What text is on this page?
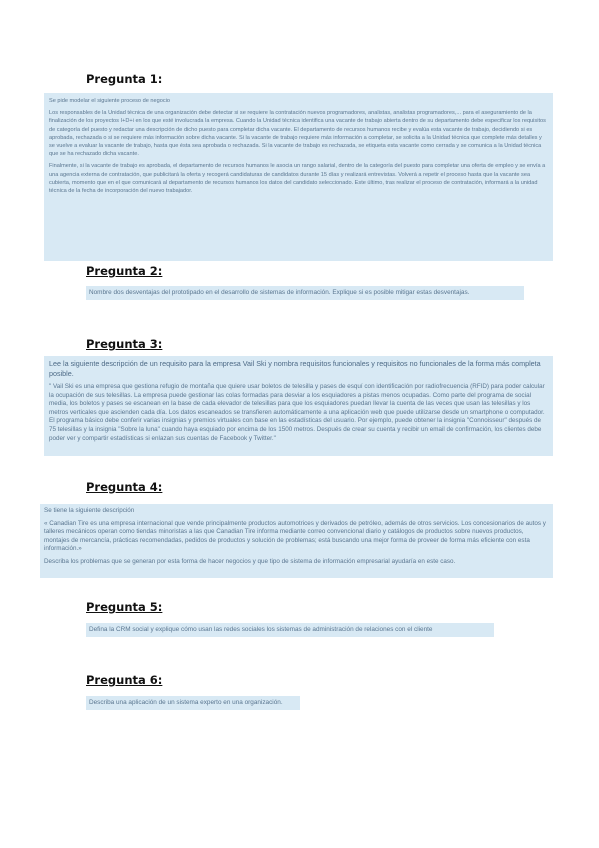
Pregunta 1:

Se pide modelar el siguiente proceso de negocio

Los responsables de la Unidad técnica de una organización debe detectar si se requiere la contratación nuevos programadores, analistas, analistas programadores,... para el aseguramiento de la finalización de los proyectos I+D+i en los que esté involucrada la empresa. Cuando la Unidad técnica identifica una vacante de trabajo abierta dentro de su departamento debe especificar los requisitos de categoría del puesto y redactar una descripción de dicho puesto para completar dicha vacante. El departamento de recursos humanos recibe y evalúa esta vacante de trabajo, decidiendo si es aprobada, rechazada o si se requiere más información sobre dicha vacante. Si la vacante de trabajo requiere más información a completar, se solicita a la Unidad técnica que complete más detalles y se vuelve a evaluar la vacante de trabajo, hasta que ésta sea aprobada o rechazada. Si la vacante de trabajo es rechazada, se etiqueta esta vacante como cerrada y se comunica a la Unidad técnica que se ha rechazado dicha vacante.

Finalmente, si la vacante de trabajo es aprobada, el departamento de recursos humanos le asocia un rango salarial, dentro de la categoría del puesto para completar una oferta de empleo y se envía a una agencia externa de contratación, que publicitará la oferta y recogerá candidaturas de candidatos durante 15 días y realizará entrevistas. Volverá a repetir el proceso hasta que la vacante sea cubierta, momento que en el que comunicará al departamento de recursos humanos los datos del candidato seleccionado. Este último, tras realizar el proceso de contratación, informará a la unidad técnica de la fecha de incorporación del nuevo trabajador.

Pregunta 2:

Nombre dos desventajas del prototipado en el desarrollo de sistemas de información. Explique si es posible mitigar estas desventajas.

Pregunta 3:

Lee la siguiente descripción de un requisito para la empresa Vail Ski y nombra requisitos funcionales y requisitos no funcionales de la forma más completa posible.

" Vail Ski es una empresa que gestiona refugio de montaña que quiere usar boletos de telesilla y pases de esquí con identificación por radiofrecuencia (RFID) para poder calcular la ocupación de sus telesillas. La empresa puede gestionar las colas formadas para desviar a los esquiadores a pistas menos ocupadas. Como parte del programa de social media, los boletos y pases se escanean en la base de cada elevador de telesillas para que los esquiadores puedan llevar la cuenta de las veces que usan las telesillas y los metros verticales que ascienden cada día. Los datos escaneados se transfieren automáticamente a una aplicación web que puede utilizarse desde un smartphone o computador. El programa básico debe conferir varias insignias y premios virtuales con base en las estadísticas del usuario. Por ejemplo, puede obtener la insignia "Connoisseur" después de 75 telesillas y la insignia "Sobre la luna" cuando haya esquiado por encima de los 1500 metros. Después de crear su cuenta y recibir un email de confirmación, los clientes debe poder ver y compartir estadísticas si enlazan sus cuentas de Facebook y Twitter."

Pregunta 4:

Se tiene la siguiente descripción

« Canadian Tire es una empresa internacional que vende principalmente productos automotrices y derivados de petróleo, además de otros servicios. Los concesionarios de autos y talleres mecánicos operan como tiendas minoristas a las que Canadian Tire informa mediante correo convencional diario y catálogos de productos sobre nuevos productos, montajes de mercancía, prácticas recomendadas, pedidos de productos y solución de problemas; está buscando una mejor forma de proveer de forma más eficiente con esta información.»

Describa los problemas que se generan por esta forma de hacer negocios y que tipo de sistema de información empresarial ayudaría en este caso.

Pregunta 5:

Defina la CRM social y explique cómo usan las redes sociales los sistemas de administración de relaciones con el cliente

Pregunta 6:

Describa una aplicación de un sistema experto en una organización.
